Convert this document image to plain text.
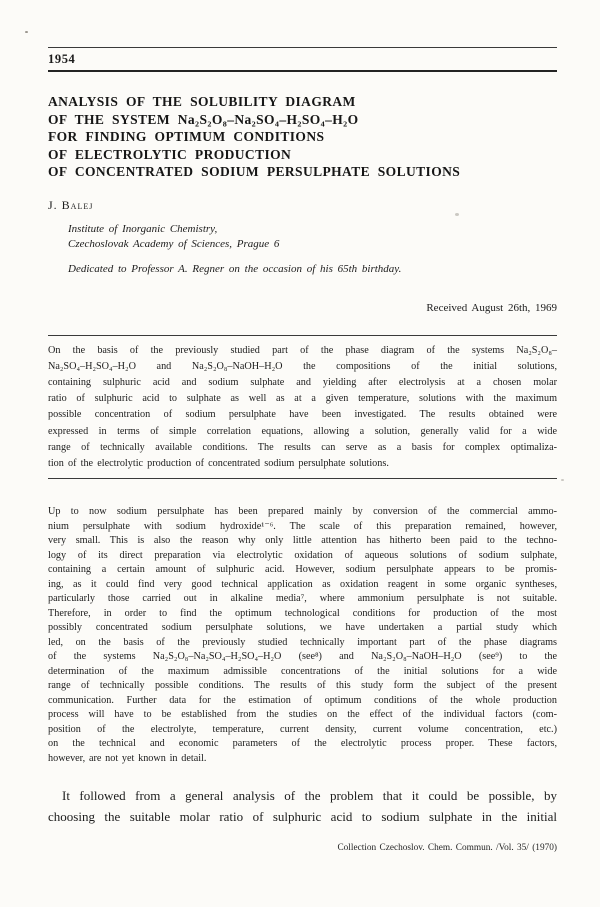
1954
ANALYSIS OF THE SOLUBILITY DIAGRAM
OF THE SYSTEM Na₂S₂O₈–Na₂SO₄–H₂SO₄–H₂O
FOR FINDING OPTIMUM CONDITIONS
OF ELECTROLYTIC PRODUCTION
OF CONCENTRATED SODIUM PERSULPHATE SOLUTIONS
J. Balej
Institute of Inorganic Chemistry,
Czechoslovak Academy of Sciences, Prague 6
Dedicated to Professor A. Regner on the occasion of his 65th birthday.
Received August 26th, 1969
On the basis of the previously studied part of the phase diagram of the systems Na₂S₂O₈–
Na₂SO₄–H₂SO₄–H₂O and Na₂S₂O₈–NaOH–H₂O the compositions of the initial solutions,
containing sulphuric acid and sodium sulphate and yielding after electrolysis at a chosen molar
ratio of sulphuric acid to sulphate as well as at a given temperature, solutions with the maximum
possible concentration of sodium persulphate have been investigated. The results obtained were
expressed in terms of simple correlation equations, allowing a solution, generally valid for a wide
range of technically available conditions. The results can serve as a basis for complex optimaliza-
tion of the electrolytic production of concentrated sodium persulphate solutions.
Up to now sodium persulphate has been prepared mainly by conversion of the commercial ammo-
nium persulphate with sodium hydroxide¹⁻⁶. The scale of this preparation remained, however,
very small. This is also the reason why only little attention has hitherto been paid to the techno-
logy of its direct preparation via electrolytic oxidation of aqueous solutions of sodium sulphate,
containing a certain amount of sulphuric acid. However, sodium persulphate appears to be promis-
ing, as it could find very good technical application as oxidation reagent in some organic syntheses,
particularly those carried out in alkaline media⁷, where ammonium persulphate is not suitable.
Therefore, in order to find the optimum technological conditions for production of the most
possibly concentrated sodium persulphate solutions, we have undertaken a partial study which
led, on the basis of the previously studied technically important part of the phase diagrams
of the systems Na₂S₂O₈–Na₂SO₄–H₂SO₄–H₂O (see⁸) and Na₂S₂O₈–NaOH–H₂O (see⁹) to the
determination of the maximum admissible concentrations of the initial solutions for a wide
range of technically possible conditions. The results of this study form the subject of the present
communication. Further data for the estimation of optimum conditions of the whole production
process will have to be established from the studies on the effect of the individual factors (com-
position of the electrolyte, temperature, current density, current volume concentration, etc.)
on the technical and economic parameters of the electrolytic process proper. These factors,
however, are not yet known in detail.
It followed from a general analysis of the problem that it could be possible, by
choosing the suitable molar ratio of sulphuric acid to sodium sulphate in the initial
Collection Czechoslov. Chem. Commun. /Vol. 35/ (1970)
